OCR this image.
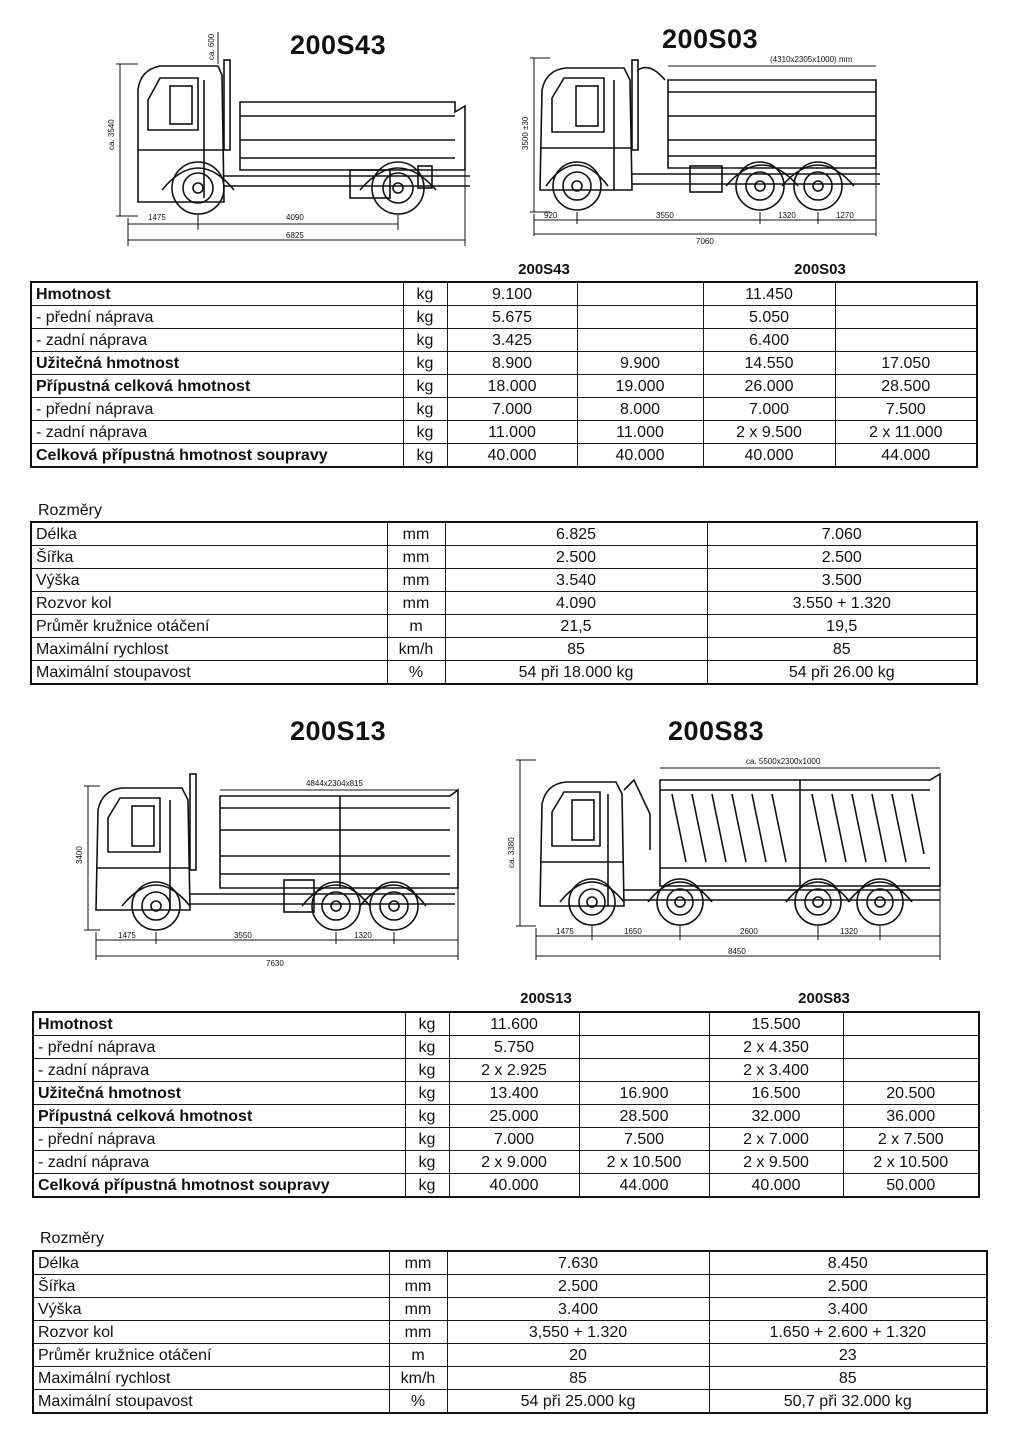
200S43	200S03
1475	4090
6825
ca. 3540
ca. 600	(4310x2305x1000) mm
3500 ±30
920	3550	1320	1270
7060
200S43	200S03
Hmotnost	kg	9.100		11.450	
- přední náprava	kg	5.675		5.050	
- zadní náprava	kg	3.425		6.400	
Užitečná hmotnost	kg	8.900	9.900	14.550	17.050
Přípustná celková hmotnost	kg	18.000	19.000	26.000	28.500
- přední náprava	kg	7.000	8.000	7.000	7.500
- zadní náprava	kg	11.000	11.000	2 x 9.500	2 x 11.000
Celková přípustná hmotnost soupravy	kg	40.000	40.000	40.000	44.000
Rozměry
Délka	mm	6.825	7.060
Šířka	mm	2.500	2.500
Výška	mm	3.540	3.500
Rozvor kol	mm	4.090	3.550 + 1.320
Průměr kružnice otáčení	m	21,5	19,5
Maximální rychlost	km/h	85	85
Maximální stoupavost	%	54 při 18.000 kg	54 při 26.00 kg
200S13	200S83
4844x2304x815
3400
1475	3550	1320
7630
ca. 5500x2300x1000
ca. 3380
1475	1650	2600	1320
8450
200S13	200S83
Hmotnost	kg	11.600		15.500	
- přední náprava	kg	5.750		2 x 4.350	
- zadní náprava	kg	2 x 2.925		2 x 3.400	
Užitečná hmotnost	kg	13.400	16.900	16.500	20.500
Přípustná celková hmotnost	kg	25.000	28.500	32.000	36.000
- přední náprava	kg	7.000	7.500	2 x 7.000	2 x 7.500
- zadní náprava	kg	2 x 9.000	2 x 10.500	2 x 9.500	2 x 10.500
Celková přípustná hmotnost soupravy	kg	40.000	44.000	40.000	50.000
Rozměry
Délka	mm	7.630	8.450
Šířka	mm	2.500	2.500
Výška	mm	3.400	3.400
Rozvor kol	mm	3,550 + 1.320	1.650 + 2.600 + 1.320
Průměr kružnice otáčení	m	20	23
Maximální rychlost	km/h	85	85
Maximální stoupavost	%	54 při 25.000 kg	50,7 při 32.000 kg
